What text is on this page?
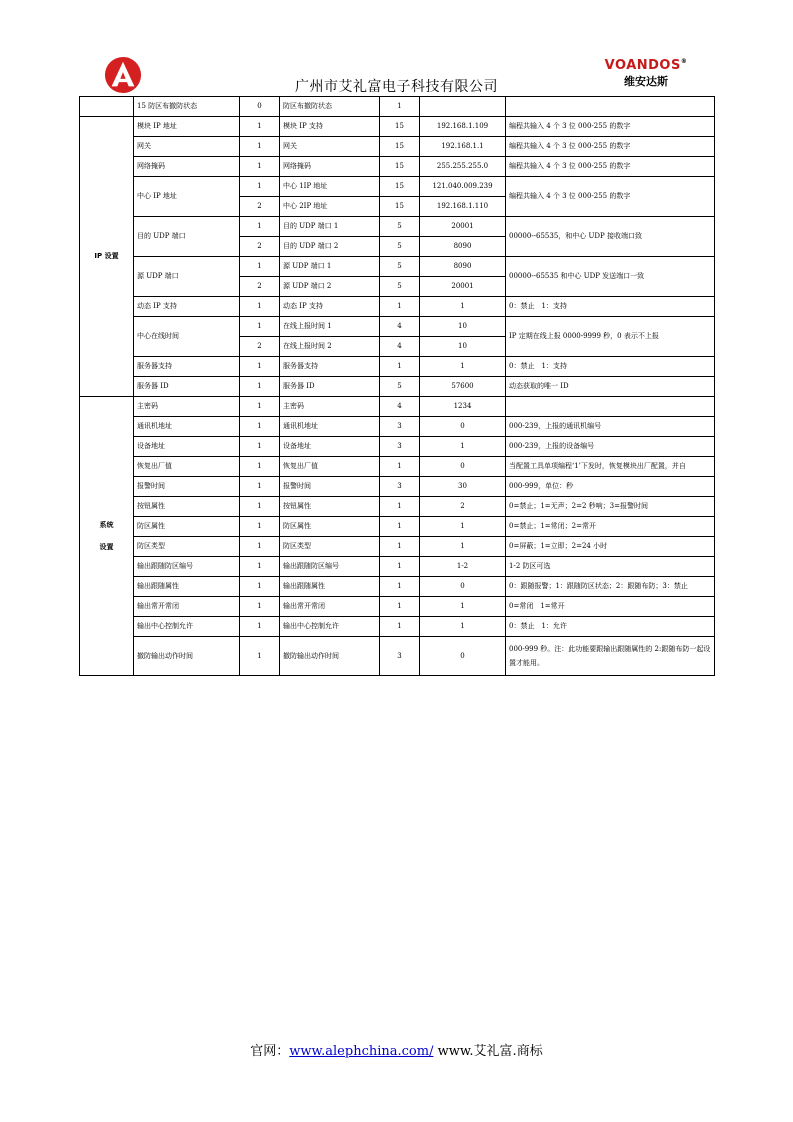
广州市艾礼富电子科技有限公司
VOANDOS®
维安达斯
	15 防区布撤防状态	0	防区布撤防状态	1		

IP 设置	模块 IP 地址	1	模块 IP 支持	15	192.168.1.109	编程共输入 4 个 3 位 000-255 的数字
	网关	1	网关	15	192.168.1.1	编程共输入 4 个 3 位 000-255 的数字
	网络掩码	1	网络掩码	15	255.255.255.0	编程共输入 4 个 3 位 000-255 的数字
	中心 IP 地址	1	中心 1IP 地址	15	121.040.009.239	编程共输入 4 个 3 位 000-255 的数字
		2	中心 2IP 地址	15	192.168.1.110	
	目的 UDP 端口	1	目的 UDP 端口 1	5	20001	00000--65535，和中心 UDP 接收端口致
		2	目的 UDP 端口 2	5	8090	
	源 UDP 端口	1	源 UDP 端口 1	5	8090	00000--65535 和中心 UDP 发送端口一致
		2	源 UDP 端口 2	5	20001	
	动态 IP 支持	1	动态 IP 支持	1	1	0：禁止　1：支持
	中心在线时间	1	在线上报时间 1	4	10	IP 定期在线上报 0000-9999 秒，0 表示不上报
		2	在线上报时间 2	4	10	
	服务器支持	1	服务器支持	1	1	0：禁止　1：支持
	服务器 ID	1	服务器 ID	5	57600	动态获取的唯一 ID

系统
设置	主密码	1	主密码	4	1234	
	通讯机地址	1	通讯机地址	3	0	000-239，上报的通讯机编号
	设备地址	1	设备地址	3	1	000-239，上报的设备编号
	恢复出厂值	1	恢复出厂值	1	0	当配置工具单项编程‘1’下发时，恢复模块出厂配置，并自
	报警时间	1	报警时间	3	30	000-999，单位：秒
	按钮属性	1	按钮属性	1	2	0=禁止；1=无声；2=2 秒响；3=报警时间
	防区属性	1	防区属性	1	1	0=禁止；1=常闭；2=常开
	防区类型	1	防区类型	1	1	0=屏蔽；1=立即；2=24 小时
	输出跟随防区编号	1	输出跟随防区编号	1	1-2	1-2 防区可选
	输出跟随属性	1	输出跟随属性	1	0	0：跟随报警；1：跟随防区状态；2：跟随布防；3：禁止
	输出常开常闭	1	输出常开常闭	1	1	0=常闭　1=常开
	输出中心控制允许	1	输出中心控制允许	1	1	0：禁止　1：允许
	撤防输出动作时间	1	撤防输出动作时间	3	0	000-999 秒。注：此功能要跟输出跟随属性的 2:跟随布防一起设置才能用。
官网：www.alephchina.com/ www.艾礼富.商标
